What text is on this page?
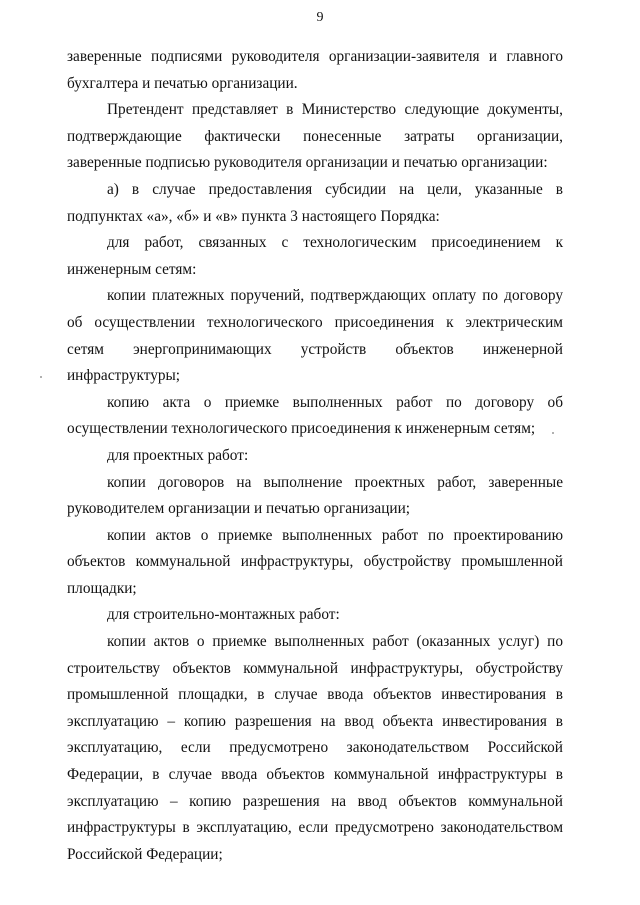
9

заверенные подписями руководителя организации-заявителя и главного бухгалтера и печатью организации.

Претендент представляет в Министерство следующие документы, подтверждающие фактически понесенные затраты организации, заверенные подписью руководителя организации и печатью организации:

а) в случае предоставления субсидии на цели, указанные в подпунктах «а», «б» и «в» пункта 3 настоящего Порядка:

для работ, связанных с технологическим присоединением к инженерным сетям:

копии платежных поручений, подтверждающих оплату по договору об осуществлении технологического присоединения к электрическим сетям энергопринимающих устройств объектов инженерной инфраструктуры;

копию акта о приемке выполненных работ по договору об осуществлении технологического присоединения к инженерным сетям;

для проектных работ:

копии договоров на выполнение проектных работ, заверенные руководителем организации и печатью организации;

копии актов о приемке выполненных работ по проектированию объектов коммунальной инфраструктуры, обустройству промышленной площадки;

для строительно-монтажных работ:

копии актов о приемке выполненных работ (оказанных услуг) по строительству объектов коммунальной инфраструктуры, обустройству промышленной площадки, в случае ввода объектов инвестирования в эксплуатацию – копию разрешения на ввод объекта инвестирования в эксплуатацию, если предусмотрено законодательством Российской Федерации, в случае ввода объектов коммунальной инфраструктуры в эксплуатацию – копию разрешения на ввод объектов коммунальной инфраструктуры в эксплуатацию, если предусмотрено законодательством Российской Федерации;
